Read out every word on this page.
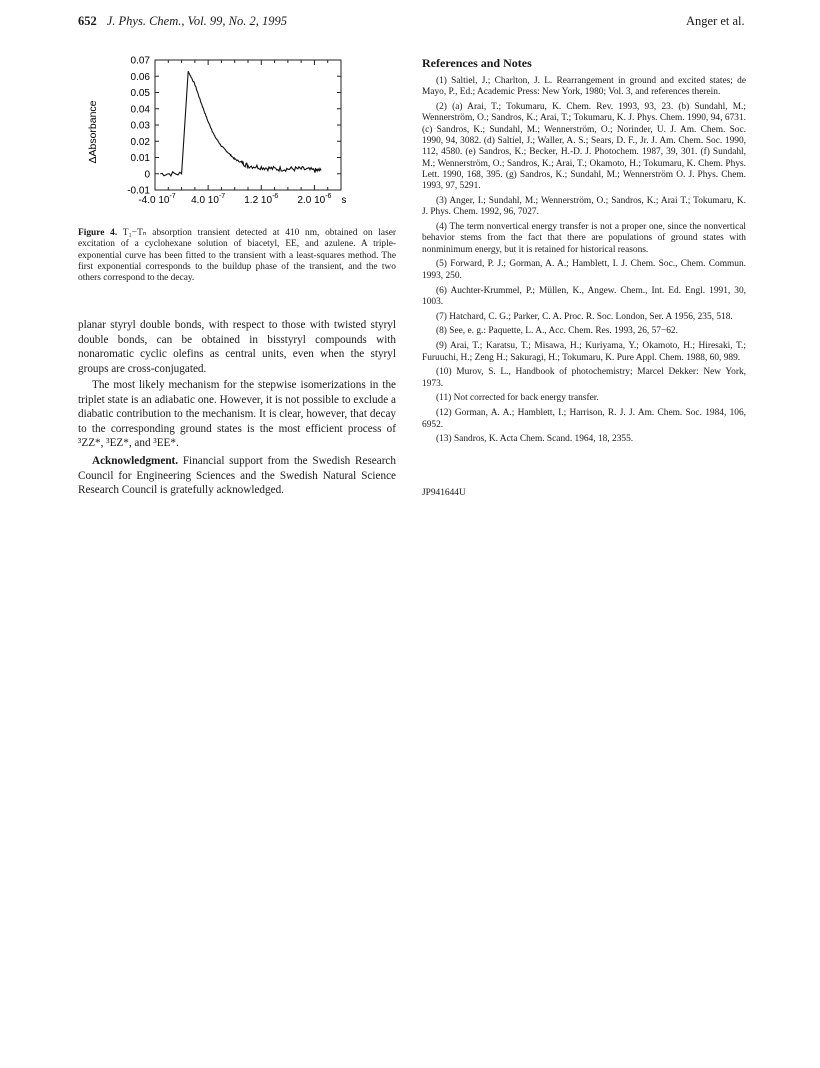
652 J. Phys. Chem., Vol. 99, No. 2, 1995	Anger et al.
ΔAbsorbance
-0.01
0
0.01
0.02
0.03
0.04
0.05
0.06
0.07
-4.0 $10^{-7}$ 4.0 $10^{-7}$ 1.2 $10^{-6}$ 2.0 $10^{-6}$ s
Figure 4. T₁−Tₙ absorption transient detected at 410 nm, obtained on laser excitation of a cyclohexane solution of biacetyl, EE, and azulene. A triple-exponential curve has been fitted to the transient with a least-squares method. The first exponential corresponds to the buildup phase of the transient, and the two others correspond to the decay.

planar styryl double bonds, with respect to those with twisted styryl double bonds, can be obtained in bisstyryl compounds with nonaromatic cyclic olefins as central units, even when the styryl groups are cross-conjugated.

The most likely mechanism for the stepwise isomerizations in the triplet state is an adiabatic one. However, it is not possible to exclude a diabatic contribution to the mechanism. It is clear, however, that decay to the corresponding ground states is the most efficient process of ³ZZ*, ³EZ*, and ³EE*.

Acknowledgment. Financial support from the Swedish Research Council for Engineering Sciences and the Swedish Natural Science Research Council is gratefully acknowledged.

References and Notes

(1) Saltiel, J.; Charlton, J. L. Rearrangement in ground and excited states; de Mayo, P., Ed.; Academic Press: New York, 1980; Vol. 3, and references therein.

(2) (a) Arai, T.; Tokumaru, K. Chem. Rev. 1993, 93, 23. (b) Sundahl, M.; Wennerström, O.; Sandros, K.; Arai, T.; Tokumaru, K. J. Phys. Chem. 1990, 94, 6731. (c) Sandros, K.; Sundahl, M.; Wennerström, O.; Norinder, U. J. Am. Chem. Soc. 1990, 94, 3082. (d) Saltiel, J.; Waller, A. S.; Sears, D. F., Jr. J. Am. Chem. Soc. 1990, 112, 4580. (e) Sandros, K.; Becker, H.-D. J. Photochem. 1987, 39, 301. (f) Sundahl, M.; Wennerström, O.; Sandros, K.; Arai, T.; Okamoto, H.; Tokumaru, K. Chem. Phys. Lett. 1990, 168, 395. (g) Sandros, K.; Sundahl, M.; Wennerström O. J. Phys. Chem. 1993, 97, 5291.

(3) Anger, I.; Sundahl, M.; Wennerström, O.; Sandros, K.; Arai T.; Tokumaru, K. J. Phys. Chem. 1992, 96, 7027.

(4) The term nonvertical energy transfer is not a proper one, since the nonvertical behavior stems from the fact that there are populations of ground states with nonminimum energy, but it is retained for historical reasons.

(5) Forward, P. J.; Gorman, A. A.; Hamblett, I. J. Chem. Soc., Chem. Commun. 1993, 250.

(6) Auchter-Krummel, P.; Müllen, K., Angew. Chem., Int. Ed. Engl. 1991, 30, 1003.

(7) Hatchard, C. G.; Parker, C. A. Proc. R. Soc. London, Ser. A 1956, 235, 518.

(8) See, e. g.: Paquette, L. A., Acc. Chem. Res. 1993, 26, 57−62.

(9) Arai, T.; Karatsu, T.; Misawa, H.; Kuriyama, Y.; Okamoto, H.; Hiresaki, T.; Furuuchi, H.; Zeng H.; Sakuragi, H.; Tokumaru, K. Pure Appl. Chem. 1988, 60, 989.

(10) Murov, S. L., Handbook of photochemistry; Marcel Dekker: New York, 1973.

(11) Not corrected for back energy transfer.

(12) Gorman, A. A.; Hamblett, I.; Harrison, R. J. J. Am. Chem. Soc. 1984, 106, 6952.

(13) Sandros, K. Acta Chem. Scand. 1964, 18, 2355.

JP941644U
